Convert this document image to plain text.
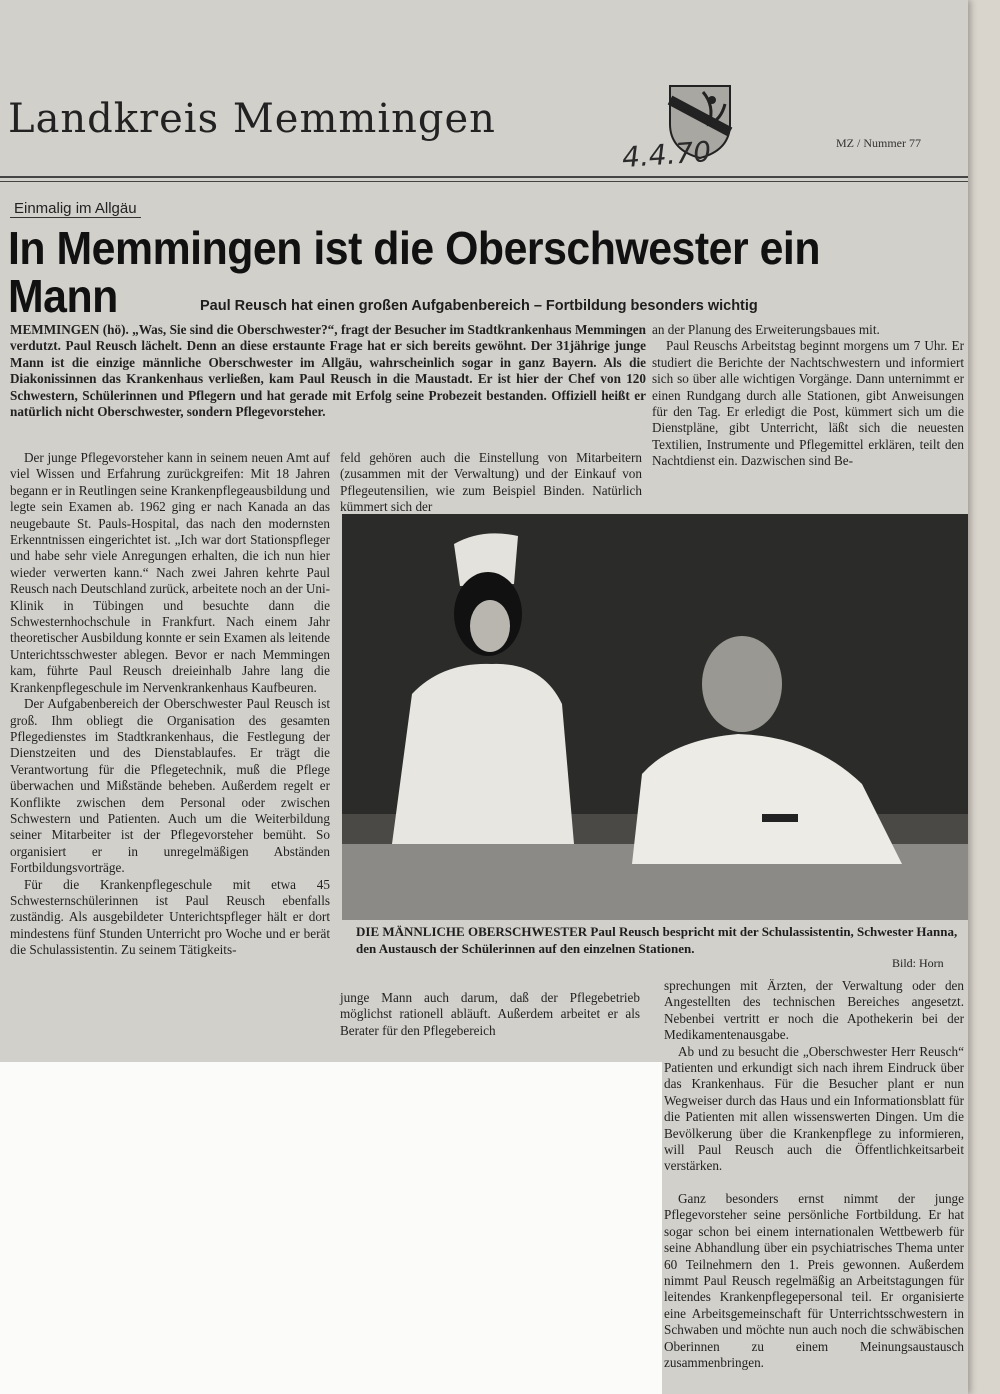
Landkreis Memmingen
4.4.70	MZ / Nummer 77
Einmalig im Allgäu
In Memmingen ist die Oberschwester ein Mann	Paul Reusch hat einen großen Aufgabenbereich – Fortbildung besonders wichtig
MEMMINGEN (hö). „Was, Sie sind die Oberschwester?“, fragt der Besucher im Stadtkrankenhaus Memmingen verdutzt. Paul Reusch lächelt. Denn an diese erstaunte Frage hat er sich bereits gewöhnt. Der 31jährige junge Mann ist die einzige männliche Oberschwester im Allgäu, wahrscheinlich sogar in ganz Bayern. Als die Diakonissinnen das Krankenhaus verließen, kam Paul Reusch in die Maustadt. Er ist hier der Chef von 120 Schwestern, Schülerinnen und Pflegern und hat gerade mit Erfolg seine Probezeit bestanden. Offiziell heißt er natürlich nicht Oberschwester, sondern Pflegevorsteher.

an der Planung des Erweiterungsbaues mit.

Paul Reuschs Arbeitstag beginnt morgens um 7 Uhr. Er studiert die Berichte der Nachtschwestern und informiert sich so über alle wichtigen Vorgänge. Dann unternimmt er einen Rundgang durch alle Stationen, gibt Anweisungen für den Tag. Er erledigt die Post, kümmert sich um die Dienstpläne, gibt Unterricht, läßt sich die neuesten Textilien, Instrumente und Pflegemittel erklären, teilt den Nachtdienst ein. Dazwischen sind Be-

Der junge Pflegevorsteher kann in seinem neuen Amt auf viel Wissen und Erfahrung zurückgreifen: Mit 18 Jahren begann er in Reutlingen seine Krankenpflegeausbildung und legte sein Examen ab. 1962 ging er nach Kanada an das neugebaute St. Pauls-Hospital, das nach den modernsten Erkenntnissen eingerichtet ist. „Ich war dort Stationspfleger und habe sehr viele Anregungen erhalten, die ich nun hier wieder verwerten kann.“ Nach zwei Jahren kehrte Paul Reusch nach Deutschland zurück, arbeitete noch an der Uni-Klinik in Tübingen und besuchte dann die Schwesternhochschule in Frankfurt. Nach einem Jahr theoretischer Ausbildung konnte er sein Examen als leitende Unterichtsschwester ablegen. Bevor er nach Memmingen kam, führte Paul Reusch dreieinhalb Jahre lang die Krankenpflegeschule im Nervenkrankenhaus Kaufbeuren.

Der Aufgabenbereich der Oberschwester Paul Reusch ist groß. Ihm obliegt die Organisation des gesamten Pflegedienstes im Stadtkrankenhaus, die Festlegung der Dienstzeiten und des Dienstablaufes. Er trägt die Verantwortung für die Pflegetechnik, muß die Pflege überwachen und Mißstände beheben. Außerdem regelt er Konflikte zwischen dem Personal oder zwischen Schwestern und Patienten. Auch um die Weiterbildung seiner Mitarbeiter ist der Pflegevorsteher bemüht. So organisiert er in unregelmäßigen Abständen Fortbildungsvorträge.

Für die Krankenpflegeschule mit etwa 45 Schwesternschülerinnen ist Paul Reusch ebenfalls zuständig. Als ausgebildeter Unterichtspfleger hält er dort mindestens fünf Stunden Unterricht pro Woche und er berät die Schulassistentin. Zu seinem Tätigkeits-

feld gehören auch die Einstellung von Mitarbeitern (zusammen mit der Verwaltung) und der Einkauf von Pflegeutensilien, wie zum Beispiel Binden. Natürlich kümmert sich der
DIE MÄNNLICHE OBERSCHWESTER Paul Reusch bespricht mit der Schulassistentin, Schwester Hanna, den Austausch der Schülerinnen auf den einzelnen Stationen.
Bild: Horn
junge Mann auch darum, daß der Pflegebetrieb möglichst rationell abläuft. Außerdem arbeitet er als Berater für den Pflegebereich

sprechungen mit Ärzten, der Verwaltung oder den Angestellten des technischen Bereiches angesetzt. Nebenbei vertritt er noch die Apothekerin bei der Medikamentenausgabe.

Ab und zu besucht die „Oberschwester Herr Reusch“ Patienten und erkundigt sich nach ihrem Eindruck über das Krankenhaus. Für die Besucher plant er nun Wegweiser durch das Haus und ein Informationsblatt für die Patienten mit allen wissenswerten Dingen. Um die Bevölkerung über die Krankenpflege zu informieren, will Paul Reusch auch die Öffentlichkeitsarbeit verstärken.

Ganz besonders ernst nimmt der junge Pflegevorsteher seine persönliche Fortbildung. Er hat sogar schon bei einem internationalen Wettbewerb für seine Abhandlung über ein psychiatrisches Thema unter 60 Teilnehmern den 1. Preis gewonnen. Außerdem nimmt Paul Reusch regelmäßig an Arbeitstagungen für leitendes Krankenpflegepersonal teil. Er organisierte eine Arbeitsgemeinschaft für Unterrichtsschwestern in Schwaben und möchte nun auch noch die schwäbischen Oberinnen zu einem Meinungsaustausch zusammenbringen.
